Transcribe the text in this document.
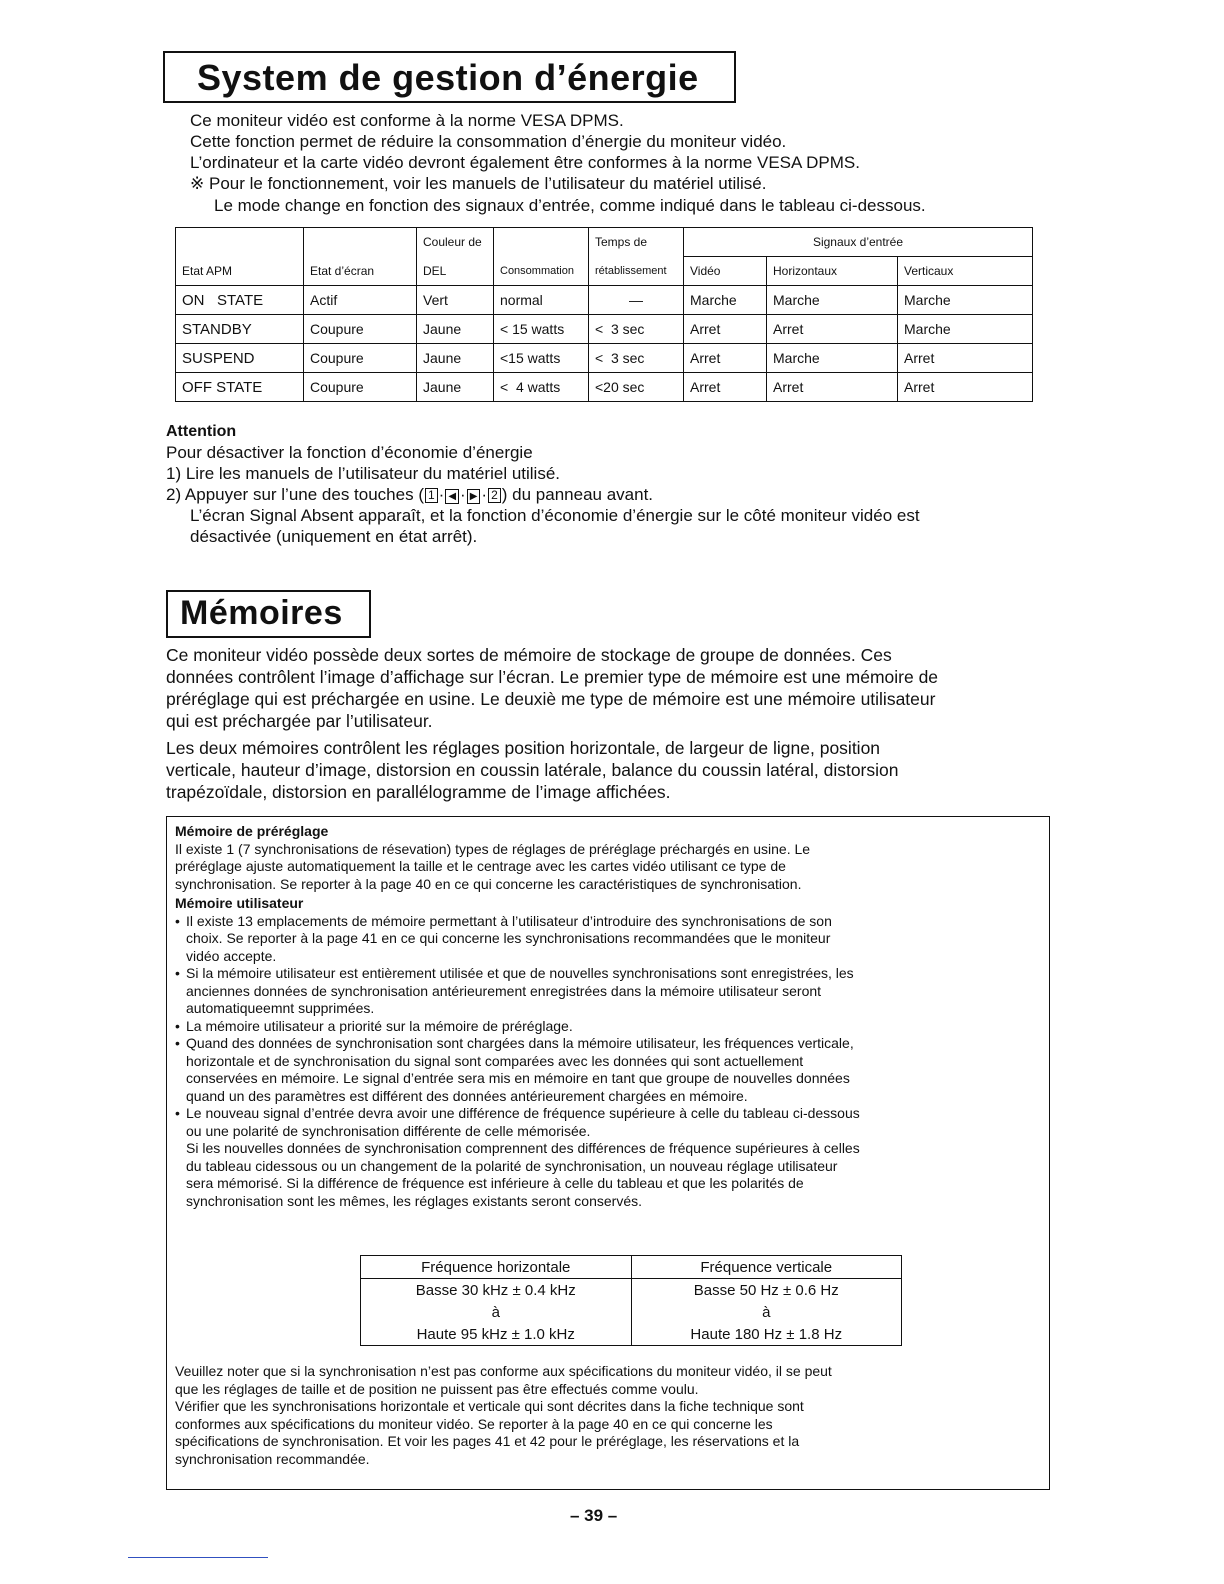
System de gestion d’énergie

Ce moniteur vidéo est conforme à la norme VESA DPMS.

Cette fonction permet de réduire la consommation d’énergie du moniteur vidéo.

L’ordinateur et la carte vidéo devront également être conformes à la norme VESA DPMS.

※ Pour le fonctionnement, voir les manuels de l’utilisateur du matériel utilisé.

Le mode change en fonction des signaux d’entrée, comme indiqué dans le tableau ci-dessous.

		Couleur de		Temps de	Signaux d’entrée		
Etat APM	Etat d’écran	DEL	Consommation	rétablissement	Vidéo	Horizontaux	Verticaux
ON   STATE	Actif	Vert	normal	—	Marche	Marche	Marche
STANDBY	Coupure	Jaune	< 15 watts	<  3 sec	Arret	Arret	Marche
SUSPEND	Coupure	Jaune	<15 watts	<  3 sec	Arret	Marche	Arret
OFF STATE	Coupure	Jaune	<  4 watts	<20 sec	Arret	Arret	Arret

Attention

Pour désactiver la fonction d’économie d’énergie

1) Lire les manuels de l’utilisateur du matériel utilisé.

2) Appuyer sur l’une des touches ( 1 · ◀ · ▶ · 2 ) du panneau avant.

L’écran Signal Absent apparaît, et la fonction d’économie d’énergie sur le côté moniteur vidéo est

désactivée (uniquement en état arrêt).

Mémoires

Ce moniteur vidéo possède deux sortes de mémoire de stockage de groupe de données. Ces

données contrôlent l’image d’affichage sur l’écran. Le premier type de mémoire est une mémoire de

préréglage qui est préchargée en usine. Le deuxiè me type de mémoire est une mémoire utilisateur

qui est préchargée par l’utilisateur.

Les deux mémoires contrôlent les réglages position horizontale, de largeur de ligne, position

verticale, hauteur d’image, distorsion en coussin latérale, balance du coussin latéral, distorsion

trapézoïdale, distorsion en parallélogramme de l’image affichées.

Mémoire de préréglage

Il existe 1 (7 synchronisations de résevation) types de réglages de préréglage préchargés en usine. Le

préréglage ajuste automatiquement la taille et le centrage avec les cartes vidéo utilisant ce type de

synchronisation. Se reporter à la page 40 en ce qui concerne les caractéristiques de synchronisation.

Mémoire utilisateur

• Il existe 13 emplacements de mémoire permettant à l’utilisateur d’introduire des synchronisations de son

choix. Se reporter à la page 41 en ce qui concerne les synchronisations recommandées que le moniteur

vidéo accepte.

• Si la mémoire utilisateur est entièrement utilisée et que de nouvelles synchronisations sont enregistrées, les

anciennes données de synchronisation antérieurement enregistrées dans la mémoire utilisateur seront

automatiqueemnt supprimées.

• La mémoire utilisateur a priorité sur la mémoire de préréglage.

• Quand des données de synchronisation sont chargées dans la mémoire utilisateur, les fréquences verticale,

horizontale et de synchronisation du signal sont comparées avec les données qui sont actuellement

conservées en mémoire. Le signal d’entrée sera mis en mémoire en tant que groupe de nouvelles données

quand un des paramètres est différent des données antérieurement chargées en mémoire.

• Le nouveau signal d’entrée devra avoir une différence de fréquence supérieure à celle du tableau ci-dessous

ou une polarité de synchronisation différente de celle mémorisée.

Si les nouvelles données de synchronisation comprennent des différences de fréquence supérieures à celles

du tableau cidessous ou un changement de la polarité de synchronisation, un nouveau réglage utilisateur

sera mémorisé. Si la différence de fréquence est inférieure à celle du tableau et que les polarités de

synchronisation sont les mêmes, les réglages existants seront conservés.

Fréquence horizontale	Fréquence verticale
Basse 30 kHz ± 0.4 kHz	Basse 50 Hz ± 0.6 Hz
à	à
Haute 95 kHz ± 1.0 kHz	Haute 180 Hz ± 1.8 Hz

Veuillez noter que si la synchronisation n’est pas conforme aux spécifications du moniteur vidéo, il se peut

que les réglages de taille et de position ne puissent pas être effectués comme voulu.

Vérifier que les synchronisations horizontale et verticale qui sont décrites dans la fiche technique sont

conformes aux spécifications du moniteur vidéo. Se reporter à la page 40 en ce qui concerne les

spécifications de synchronisation. Et voir les pages 41 et 42 pour le préréglage, les réservations et la

synchronisation recommandée.

– 39 –
